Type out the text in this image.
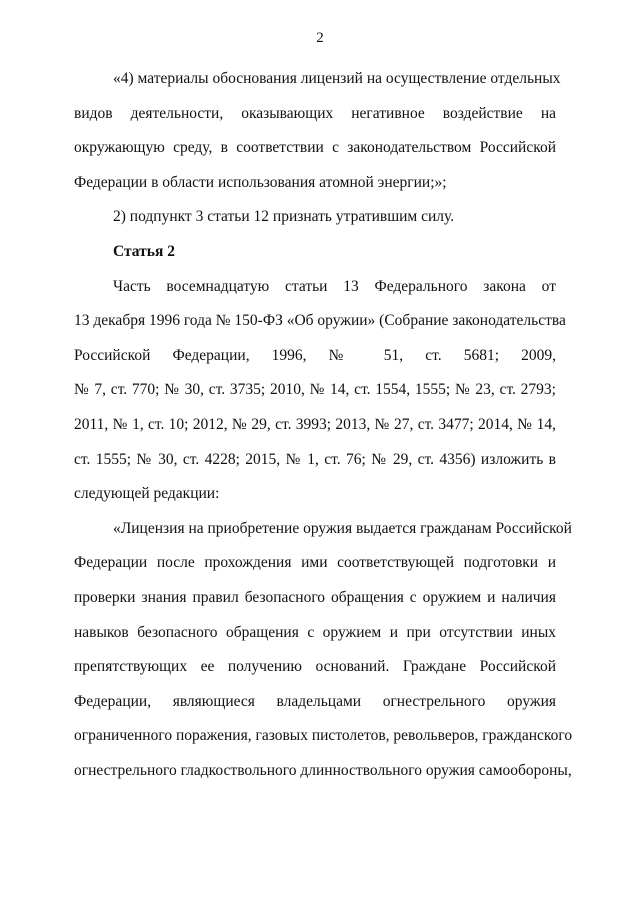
2

«4) материалы обоснования лицензий на осуществление отдельных
видов деятельности, оказывающих негативное воздействие на
окружающую среду, в соответствии с законодательством Российской
Федерации в области использования атомной энергии;»;

2) подпункт 3 статьи 12 признать утратившим силу.

Статья 2

Часть восемнадцатую статьи 13 Федерального закона от
13 декабря 1996 года № 150-ФЗ «Об оружии» (Собрание законодательства
Российской Федерации, 1996, № 51, ст. 5681; 2009,
№ 7, ст. 770; № 30, ст. 3735; 2010, № 14, ст. 1554, 1555; № 23, ст. 2793;
2011, № 1, ст. 10; 2012, № 29, ст. 3993; 2013, № 27, ст. 3477; 2014, № 14,
ст. 1555; № 30, ст. 4228; 2015, № 1, ст. 76; № 29, ст. 4356) изложить в
следующей редакции:

«Лицензия на приобретение оружия выдается гражданам Российской
Федерации после прохождения ими соответствующей подготовки и
проверки знания правил безопасного обращения с оружием и наличия
навыков безопасного обращения с оружием и при отсутствии иных
препятствующих ее получению оснований. Граждане Российской
Федерации, являющиеся владельцами огнестрельного оружия
ограниченного поражения, газовых пистолетов, револьверов, гражданского
огнестрельного гладкоствольного длинноствольного оружия самообороны,
